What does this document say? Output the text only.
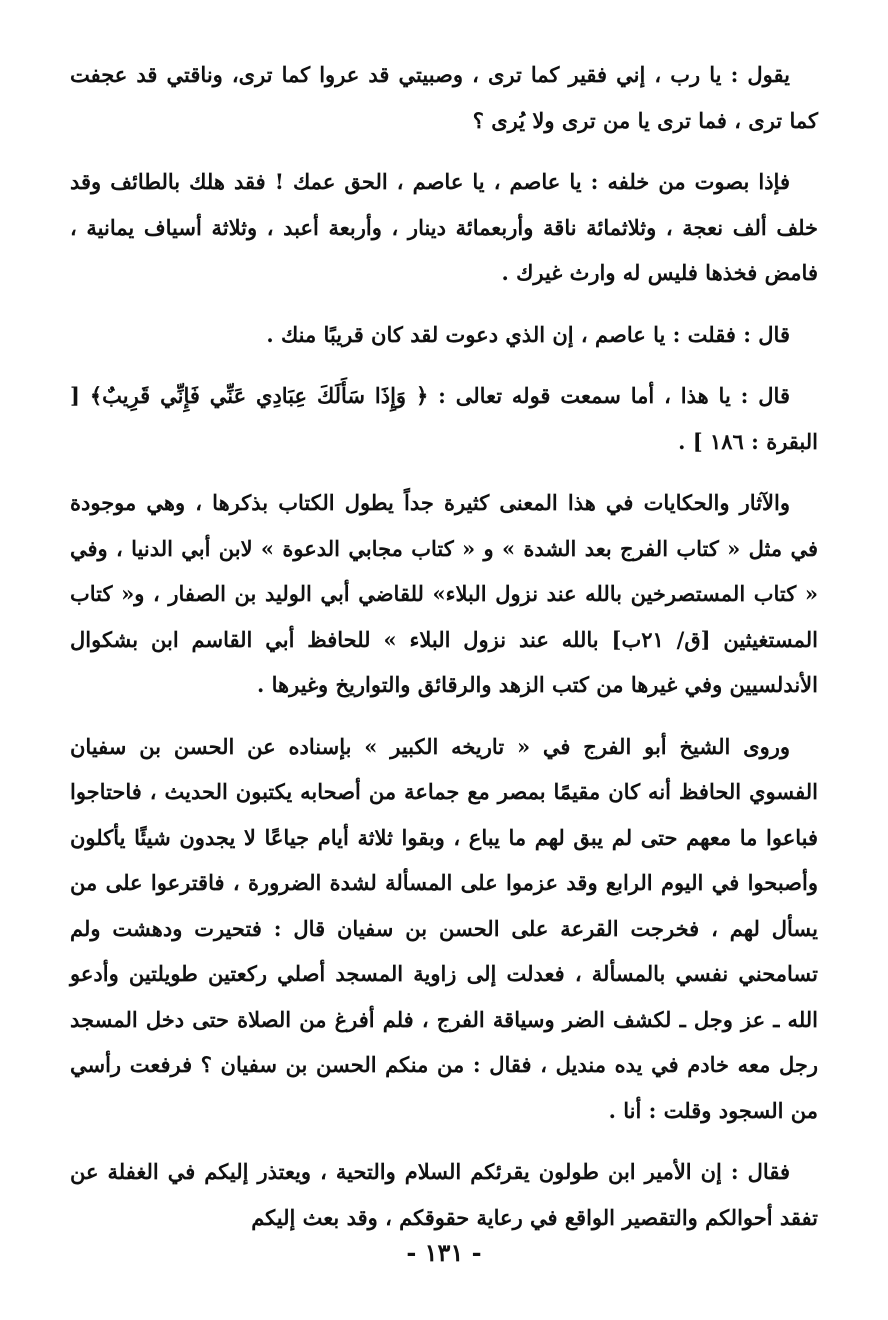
يقول : يا رب ، إني فقير كما ترى ، وصبيتي قد عروا كما ترى، وناقتي قد عجفت كما ترى ، فما ترى يا من ترى ولا يُرى ؟

فإذا بصوت من خلفه : يا عاصم ، يا عاصم ، الحق عمك ! فقد هلك بالطائف وقد خلف ألف نعجة ، وثلاثمائة ناقة وأربعمائة دينار ، وأربعة أعبد ، وثلاثة أسياف يمانية ، فامض فخذها فليس له وارث غيرك .

قال : فقلت : يا عاصم ، إن الذي دعوت لقد كان قريبًا منك .

قال : يا هذا ، أما سمعت قوله تعالى : ﴿ وَإِذَا سَأَلَكَ عِبَادِي عَنِّي فَإِنِّي قَرِيبٌ﴾ [ البقرة : ١٨٦ ] .

والآثار والحكايات في هذا المعنى كثيرة جداً يطول الكتاب بذكرها ، وهي موجودة في مثل « كتاب الفرج بعد الشدة » و « كتاب مجابي الدعوة » لابن أبي الدنيا ، وفي « كتاب المستصرخين بالله عند نزول البلاء» للقاضي أبي الوليد بن الصفار ، و« كتاب المستغيثين [ق/ ٢١ب] بالله عند نزول البلاء » للحافظ أبي القاسم ابن بشكوال الأندلسيين وفي غيرها من كتب الزهد والرقائق والتواريخ وغيرها .

وروى الشيخ أبو الفرج في « تاريخه الكبير » بإسناده عن الحسن بن سفيان الفسوي الحافظ أنه كان مقيمًا بمصر مع جماعة من أصحابه يكتبون الحديث ، فاحتاجوا فباعوا ما معهم حتى لم يبق لهم ما يباع ، وبقوا ثلاثة أيام جياعًا لا يجدون شيئًا يأكلون وأصبحوا في اليوم الرابع وقد عزموا على المسألة لشدة الضرورة ، فاقترعوا على من يسأل لهم ، فخرجت القرعة على الحسن بن سفيان قال : فتحيرت ودهشت ولم تسامحني نفسي بالمسألة ، فعدلت إلى زاوية المسجد أصلي ركعتين طويلتين وأدعو الله ـ عز وجل ـ لكشف الضر وسياقة الفرج ، فلم أفرغ من الصلاة حتى دخل المسجد رجل معه خادم في يده منديل ، فقال : من منكم الحسن بن سفيان ؟ فرفعت رأسي من السجود وقلت : أنا .

فقال : إن الأمير ابن طولون يقرئكم السلام والتحية ، ويعتذر إليكم في الغفلة عن تفقد أحوالكم والتقصير الواقع في رعاية حقوقكم ، وقد بعث إليكم

- ١٣١ -
